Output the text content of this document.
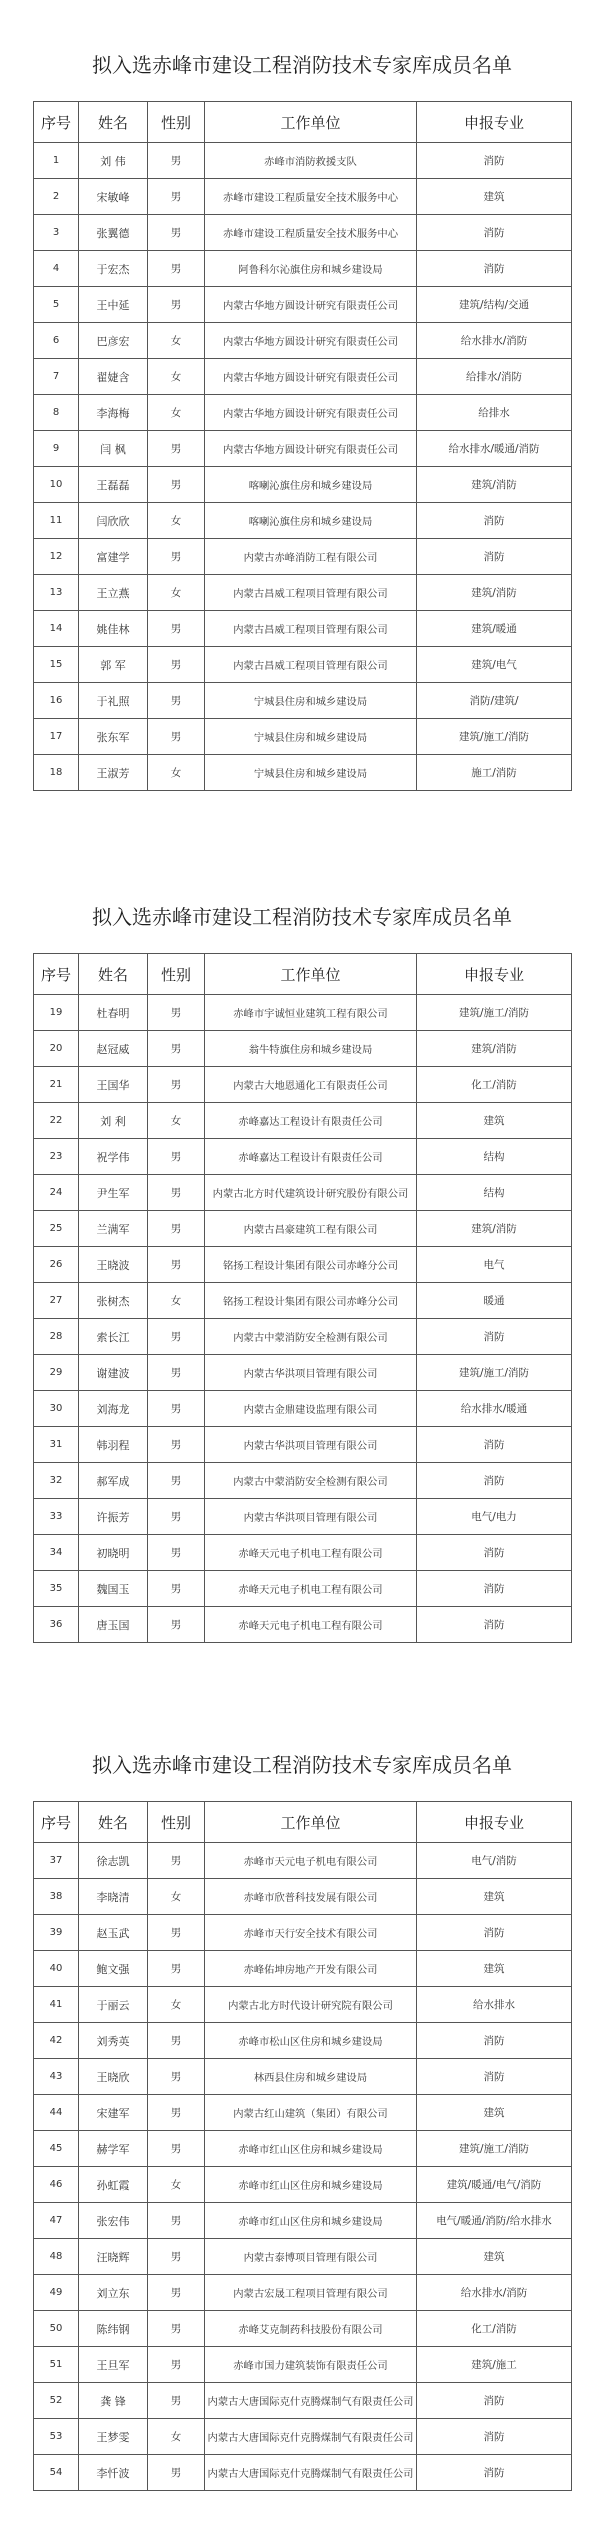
拟入选赤峰市建设工程消防技术专家库成员名单
序号	姓名	性别	工作单位	申报专业
1	刘 伟	男	赤峰市消防救援支队	消防
2	宋敏峰	男	赤峰市建设工程质量安全技术服务中心	建筑
3	张翼德	男	赤峰市建设工程质量安全技术服务中心	消防
4	于宏杰	男	阿鲁科尔沁旗住房和城乡建设局	消防
5	王中延	男	内蒙古华地方圆设计研究有限责任公司	建筑/结构/交通
6	巴彦宏	女	内蒙古华地方圆设计研究有限责任公司	给水排水/消防
7	翟婕含	女	内蒙古华地方圆设计研究有限责任公司	给排水/消防
8	李海梅	女	内蒙古华地方圆设计研究有限责任公司	给排水
9	闫 枫	男	内蒙古华地方圆设计研究有限责任公司	给水排水/暖通/消防
10	王磊磊	男	喀喇沁旗住房和城乡建设局	建筑/消防
11	闫欣欣	女	喀喇沁旗住房和城乡建设局	消防
12	富建学	男	内蒙古赤峰消防工程有限公司	消防
13	王立燕	女	内蒙古昌威工程项目管理有限公司	建筑/消防
14	姚佳林	男	内蒙古昌威工程项目管理有限公司	建筑/暖通
15	郭 军	男	内蒙古昌威工程项目管理有限公司	建筑/电气
16	于礼照	男	宁城县住房和城乡建设局	消防/建筑/
17	张东军	男	宁城县住房和城乡建设局	建筑/施工/消防
18	王淑芳	女	宁城县住房和城乡建设局	施工/消防
拟入选赤峰市建设工程消防技术专家库成员名单
序号	姓名	性别	工作单位	申报专业
19	杜春明	男	赤峰市宇诚恒业建筑工程有限公司	建筑/施工/消防
20	赵冠威	男	翁牛特旗住房和城乡建设局	建筑/消防
21	王国华	男	内蒙古大地恩通化工有限责任公司	化工/消防
22	刘 利	女	赤峰嘉达工程设计有限责任公司	建筑
23	祝学伟	男	赤峰嘉达工程设计有限责任公司	结构
24	尹生军	男	内蒙古北方时代建筑设计研究股份有限公司	结构
25	兰满军	男	内蒙古昌豪建筑工程有限公司	建筑/消防
26	王晓波	男	铭扬工程设计集团有限公司赤峰分公司	电气
27	张树杰	女	铭扬工程设计集团有限公司赤峰分公司	暖通
28	索长江	男	内蒙古中蒙消防安全检测有限公司	消防
29	谢建波	男	内蒙古华洪项目管理有限公司	建筑/施工/消防
30	刘海龙	男	内蒙古金鼎建设监理有限公司	给水排水/暖通
31	韩羽程	男	内蒙古华洪项目管理有限公司	消防
32	郝军成	男	内蒙古中蒙消防安全检测有限公司	消防
33	许振芳	男	内蒙古华洪项目管理有限公司	电气/电力
34	初晓明	男	赤峰天元电子机电工程有限公司	消防
35	魏国玉	男	赤峰天元电子机电工程有限公司	消防
36	唐玉国	男	赤峰天元电子机电工程有限公司	消防
拟入选赤峰市建设工程消防技术专家库成员名单
序号	姓名	性别	工作单位	申报专业
37	徐志凯	男	赤峰市天元电子机电有限公司	电气/消防
38	李晓清	女	赤峰市欣普科技发展有限公司	建筑
39	赵玉武	男	赤峰市天行安全技术有限公司	消防
40	鲍文强	男	赤峰佑坤房地产开发有限公司	建筑
41	于丽云	女	内蒙古北方时代设计研究院有限公司	给水排水
42	刘秀英	男	赤峰市松山区住房和城乡建设局	消防
43	王晓欣	男	林西县住房和城乡建设局	消防
44	宋建军	男	内蒙古红山建筑（集团）有限公司	建筑
45	赫学军	男	赤峰市红山区住房和城乡建设局	建筑/施工/消防
46	孙虹霞	女	赤峰市红山区住房和城乡建设局	建筑/暖通/电气/消防
47	张宏伟	男	赤峰市红山区住房和城乡建设局	电气/暖通/消防/给水排水
48	汪晓辉	男	内蒙古泰博项目管理有限公司	建筑
49	刘立东	男	内蒙古宏晟工程项目管理有限公司	给水排水/消防
50	陈纬钢	男	赤峰艾克制药科技股份有限公司	化工/消防
51	王旦军	男	赤峰市国力建筑装饰有限责任公司	建筑/施工
52	龚 锋	男	内蒙古大唐国际克什克腾煤制气有限责任公司	消防
53	王梦雯	女	内蒙古大唐国际克什克腾煤制气有限责任公司	消防
54	李忏波	男	内蒙古大唐国际克什克腾煤制气有限责任公司	消防
